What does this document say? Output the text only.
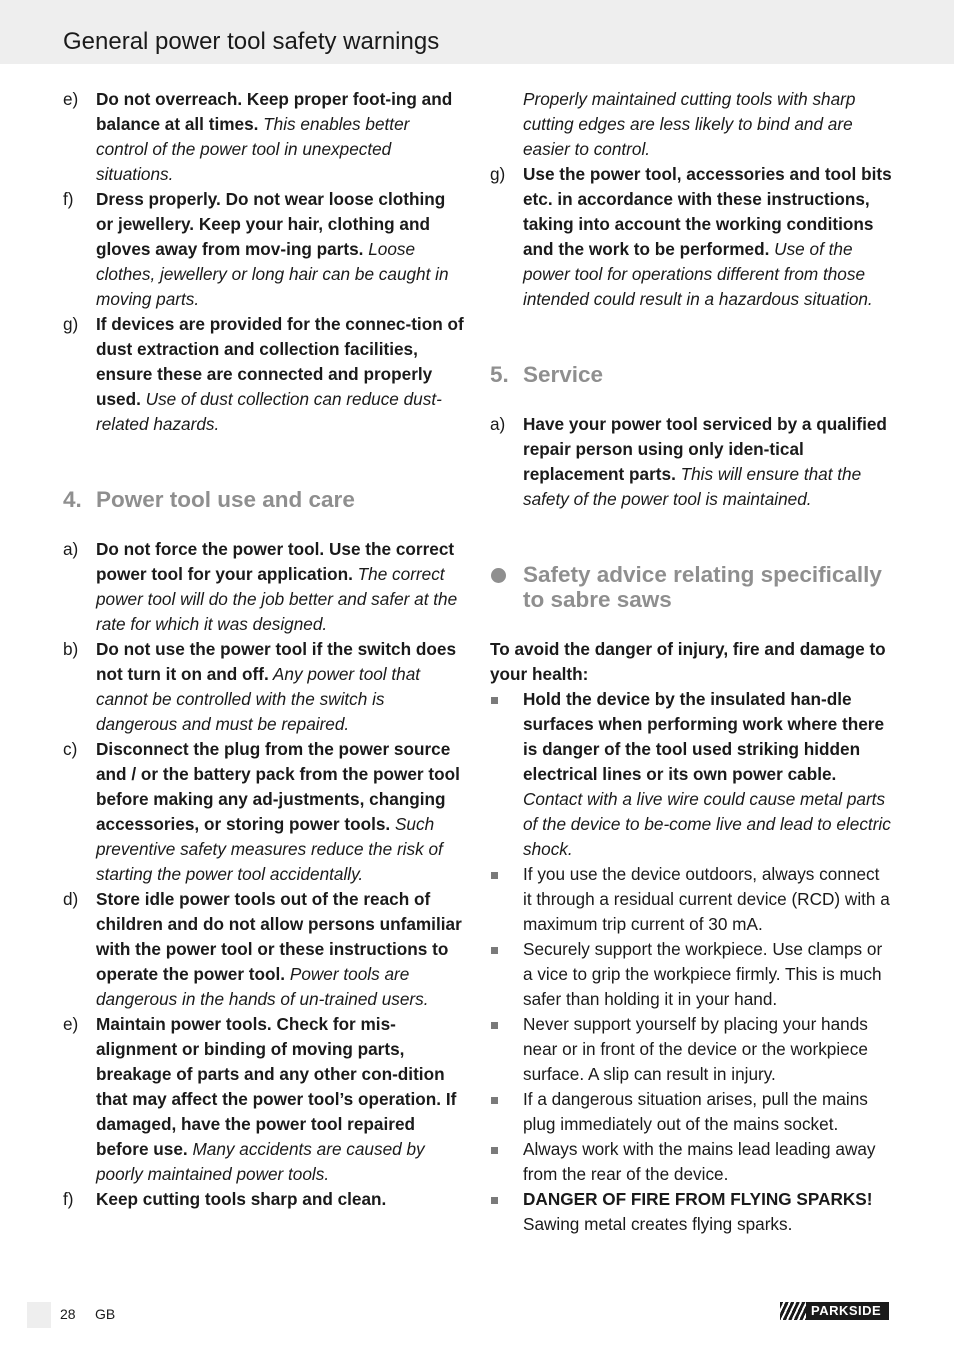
General power tool safety warnings
e) Do not overreach. Keep proper foot-ing and balance at all times. This enables better control of the power tool in unexpected situations.
f) Dress properly. Do not wear loose clothing or jewellery. Keep your hair, clothing and gloves away from mov-ing parts. Loose clothes, jewellery or long hair can be caught in moving parts.
g) If devices are provided for the connec-tion of dust extraction and collection facilities, ensure these are connected and properly used. Use of dust collection can reduce dust-related hazards.
4. Power tool use and care
a) Do not force the power tool. Use the correct power tool for your application. The correct power tool will do the job better and safer at the rate for which it was designed.
b) Do not use the power tool if the switch does not turn it on and off. Any power tool that cannot be controlled with the switch is dangerous and must be repaired.
c) Disconnect the plug from the power source and / or the battery pack from the power tool before making any ad-justments, changing accessories, or storing power tools. Such preventive safety measures reduce the risk of starting the power tool accidentally.
d) Store idle power tools out of the reach of children and do not allow persons unfamiliar with the power tool or these instructions to operate the power tool. Power tools are dangerous in the hands of un-trained users.
e) Maintain power tools. Check for mis-alignment or binding of moving parts, breakage of parts and any other con-dition that may affect the power tool’s operation. If damaged, have the power tool repaired before use. Many accidents are caused by poorly maintained power tools.
f) Keep cutting tools sharp and clean.
Properly maintained cutting tools with sharp cutting edges are less likely to bind and are easier to control.
g) Use the power tool, accessories and tool bits etc. in accordance with these instructions, taking into account the working conditions and the work to be performed. Use of the power tool for operations different from those intended could result in a hazardous situation.
5. Service
a) Have your power tool serviced by a qualified repair person using only iden-tical replacement parts. This will ensure that the safety of the power tool is maintained.
Safety advice relating specifically to sabre saws
To avoid the danger of injury, fire and damage to your health:
Hold the device by the insulated han-dle surfaces when performing work where there is danger of the tool used striking hidden electrical lines or its own power cable. Contact with a live wire could cause metal parts of the device to be-come live and lead to electric shock.
If you use the device outdoors, always connect it through a residual current device (RCD) with a maximum trip current of 30 mA.
Securely support the workpiece. Use clamps or a vice to grip the workpiece firmly. This is much safer than holding it in your hand.
Never support yourself by placing your hands near or in front of the device or the workpiece surface. A slip can result in injury.
If a dangerous situation arises, pull the mains plug immediately out of the mains socket.
Always work with the mains lead leading away from the rear of the device.
DANGER OF FIRE FROM FLYING SPARKS!
Sawing metal creates flying sparks.
28 GB	PARKSIDE
